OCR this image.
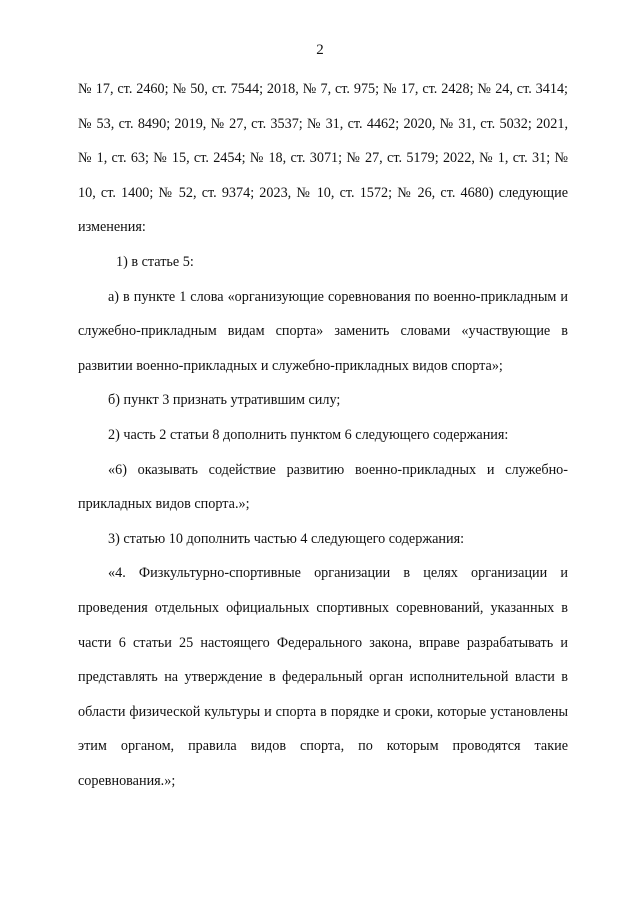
2

№ 17, ст. 2460; № 50, ст. 7544; 2018, № 7, ст. 975; № 17, ст. 2428; № 24, ст. 3414; № 53, ст. 8490; 2019, № 27, ст. 3537; № 31, ст. 4462; 2020, № 31, ст. 5032; 2021, № 1, ст. 63; № 15, ст. 2454; № 18, ст. 3071; № 27, ст. 5179; 2022, № 1, ст. 31; № 10, ст. 1400; № 52, ст. 9374; 2023, № 10, ст. 1572; № 26, ст. 4680) следующие изменения:

1) в статье 5:

а) в пункте 1 слова «организующие соревнования по военно-прикладным и служебно-прикладным видам спорта» заменить словами «участвующие в развитии военно-прикладных и служебно-прикладных видов спорта»;

б) пункт 3 признать утратившим силу;

2) часть 2 статьи 8 дополнить пунктом 6 следующего содержания:

«6) оказывать содействие развитию военно-прикладных и служебно-прикладных видов спорта.»;

3) статью 10 дополнить частью 4 следующего содержания:

«4. Физкультурно-спортивные организации в целях организации и проведения отдельных официальных спортивных соревнований, указанных в части 6 статьи 25 настоящего Федерального закона, вправе разрабатывать и представлять на утверждение в федеральный орган исполнительной власти в области физической культуры и спорта в порядке и сроки, которые установлены этим органом, правила видов спорта, по которым проводятся такие соревнования.»;
